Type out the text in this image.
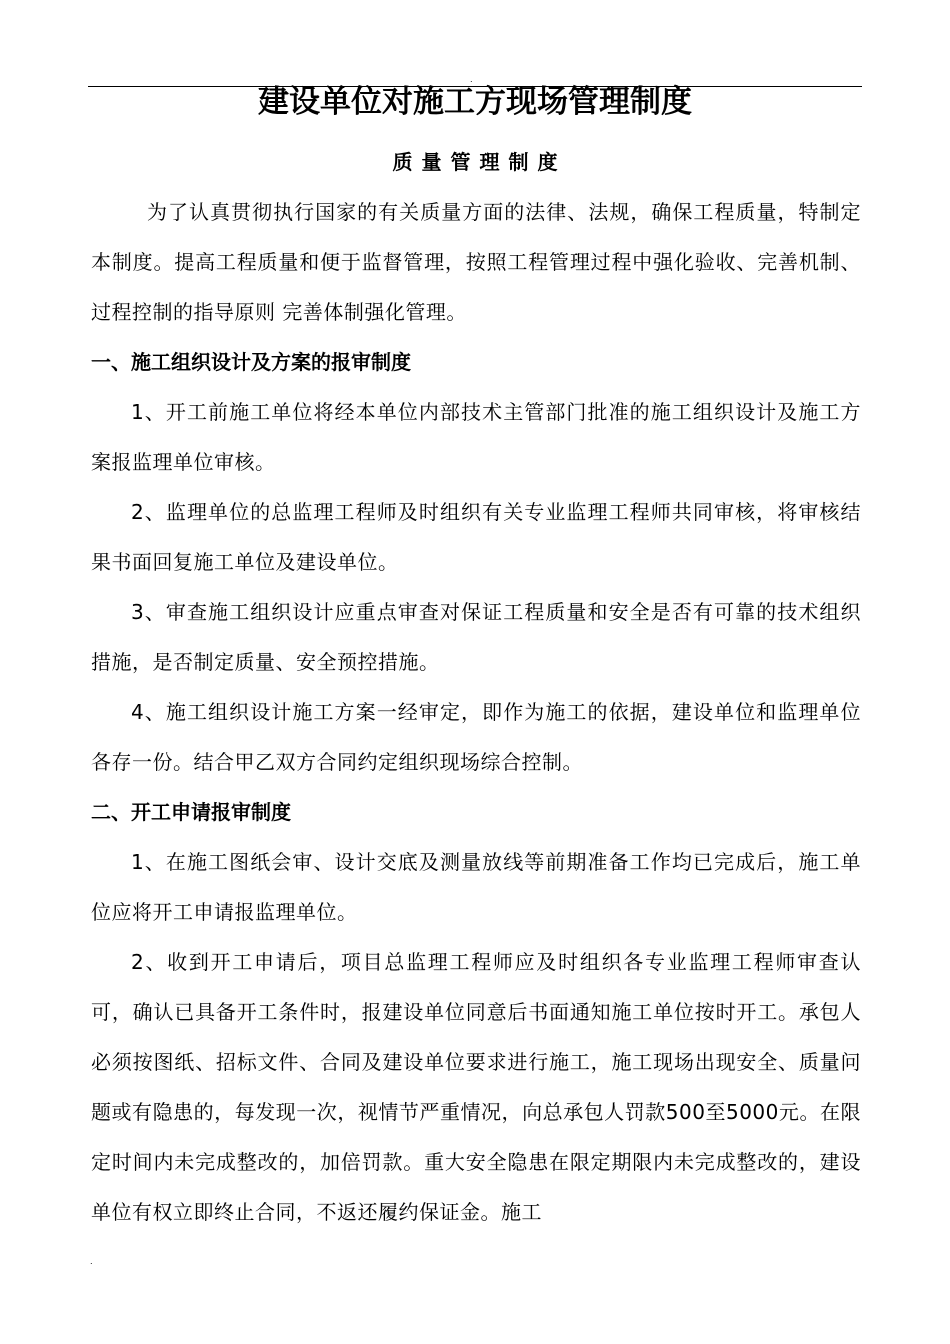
.
建设单位对施工方现场管理制度
质量管理制度

为了认真贯彻执行国家的有关质量方面的法律、法规，确保工程质量，特制定本制度。提高工程质量和便于监督管理，按照工程管理过程中强化验收、完善机制、过程控制的指导原则 完善体制强化管理。

一、施工组织设计及方案的报审制度

1、开工前施工单位将经本单位内部技术主管部门批准的施工组织设计及施工方案报监理单位审核。

2、监理单位的总监理工程师及时组织有关专业监理工程师共同审核，将审核结果书面回复施工单位及建设单位。

3、审查施工组织设计应重点审查对保证工程质量和安全是否有可靠的技术组织措施，是否制定质量、安全预控措施。

4、施工组织设计施工方案一经审定，即作为施工的依据，建设单位和监理单位各存一份。结合甲乙双方合同约定组织现场综合控制。

二、开工申请报审制度

1、在施工图纸会审、设计交底及测量放线等前期准备工作均已完成后，施工单位应将开工申请报监理单位。

2、收到开工申请后，项目总监理工程师应及时组织各专业监理工程师审查认可，确认已具备开工条件时，报建设单位同意后书面通知施工单位按时开工。承包人必须按图纸、招标文件、合同及建设单位要求进行施工，施工现场出现安全、质量问题或有隐患的，每发现一次，视情节严重情况，向总承包人罚款500至5000元。在限定时间内未完成整改的，加倍罚款。重大安全隐患在限定期限内未完成整改的，建设单位有权立即终止合同，不返还履约保证金。施工

.
